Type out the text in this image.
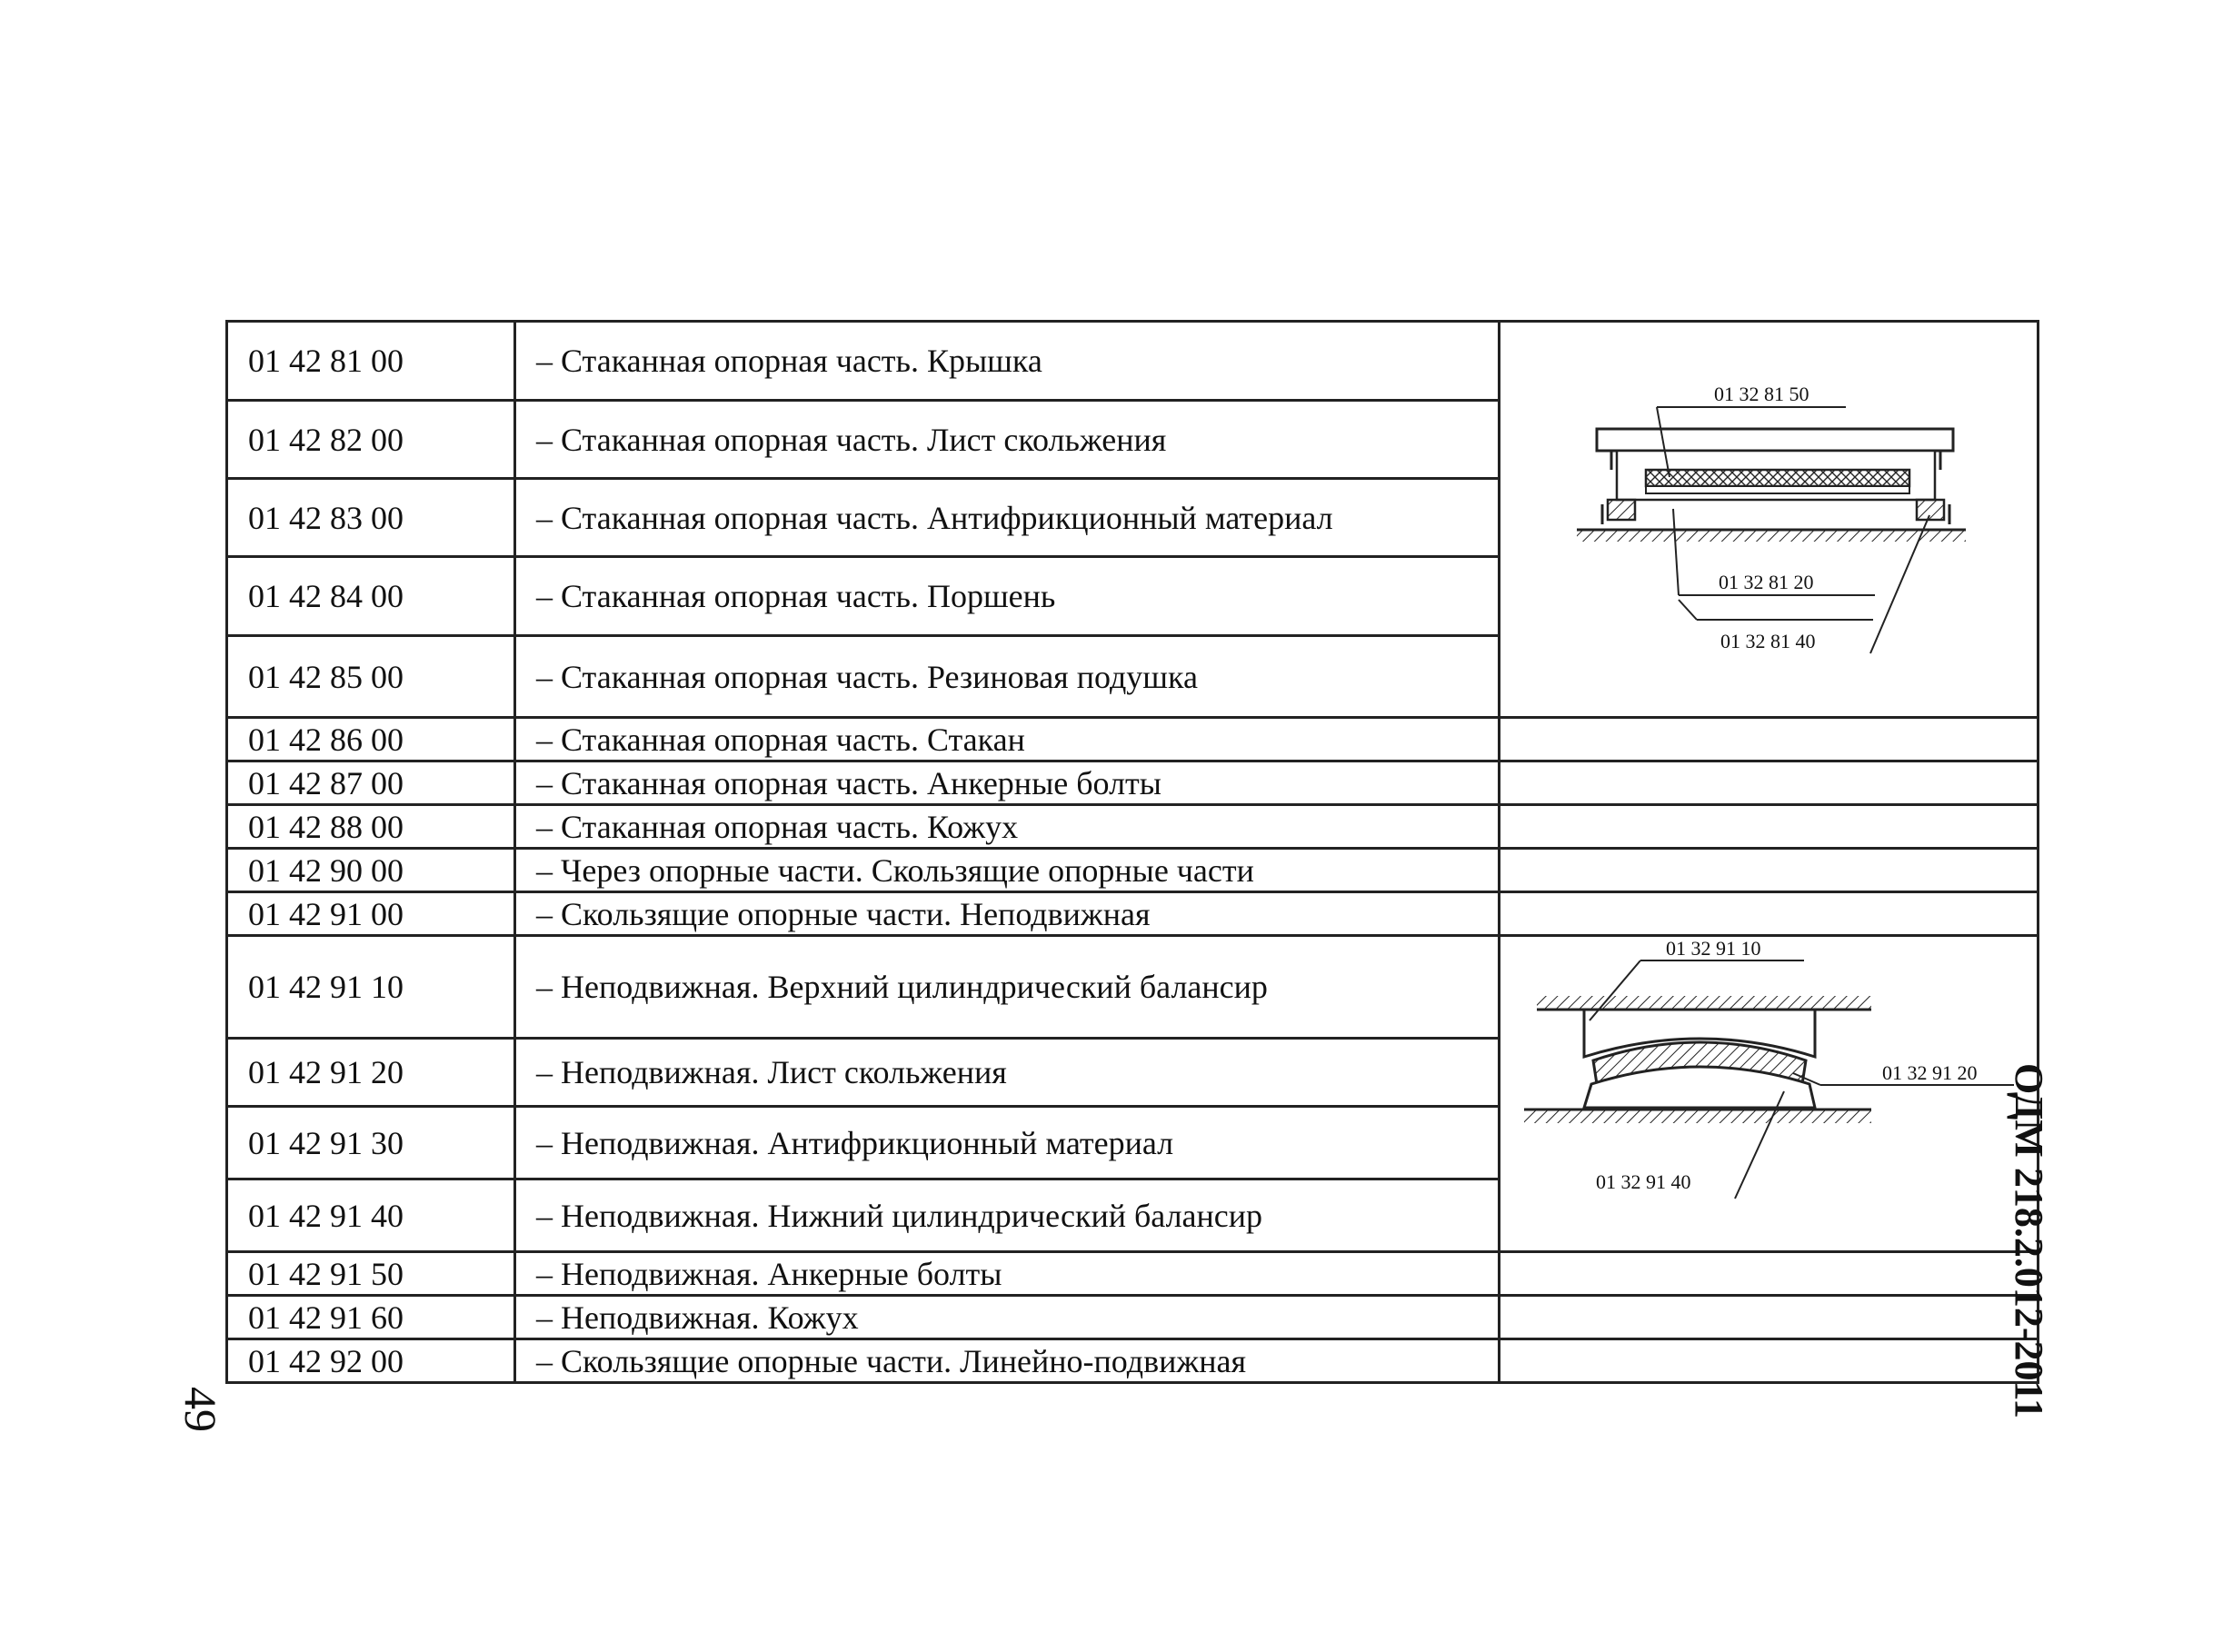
01 42 81 00	– Стаканная опорная часть. Крышка	01 32 81 50
01 32 81 20
01 32 81 40

01 42 82 00	– Стаканная опорная часть. Лист скольжения	
01 42 83 00	– Стаканная опорная часть. Антифрикционный материал	
01 42 84 00	– Стаканная опорная часть. Поршень	
01 42 85 00	– Стаканная опорная часть. Резиновая подушка	
01 42 86 00	– Стаканная опорная часть. Стакан	
01 42 87 00	– Стаканная опорная часть. Анкерные болты	
01 42 88 00	– Стаканная опорная часть. Кожух	
01 42 90 00	– Через опорные части. Скользящие опорные части	
01 42 91 00	– Скользящие опорные части. Неподвижная	
01 42 91 10	– Неподвижная. Верхний цилиндрический балансир	01 32 91 10
01 32 91 20
01 32 91 40

01 42 91 20	– Неподвижная. Лист скольжения	
01 42 91 30	– Неподвижная. Антифрикционный материал	
01 42 91 40	– Неподвижная. Нижний цилиндрический балансир	
01 42 91 50	– Неподвижная. Анкерные болты	
01 42 91 60	– Неподвижная. Кожух	
01 42 92 00	– Скользящие опорные части. Линейно-подвижная	
49	ОДМ 218.2.012-2011
